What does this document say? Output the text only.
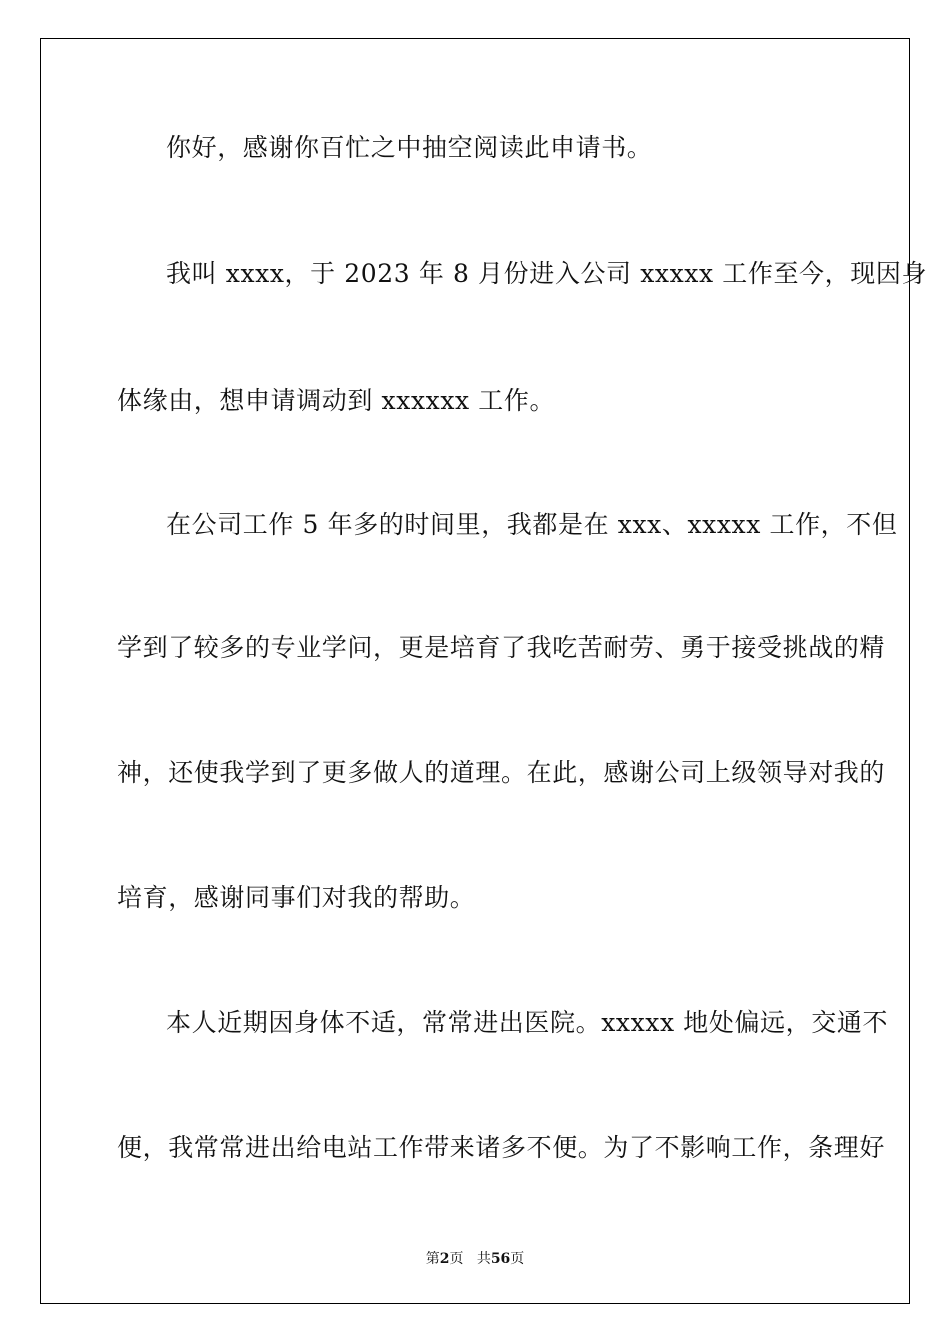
你好，感谢你百忙之中抽空阅读此申请书。
我叫 xxxx，于 2023 年 8 月份进入公司 xxxxx 工作至今，现因身
体缘由，想申请调动到 xxxxxx 工作。
在公司工作 5 年多的时间里，我都是在 xxx、xxxxx 工作，不但
学到了较多的专业学问，更是培育了我吃苦耐劳、勇于接受挑战的精
神，还使我学到了更多做人的道理。在此，感谢公司上级领导对我的
培育，感谢同事们对我的帮助。
本人近期因身体不适，常常进出医院。xxxxx 地处偏远，交通不
便，我常常进出给电站工作带来诸多不便。为了不影响工作，条理好
第2页 共56页
